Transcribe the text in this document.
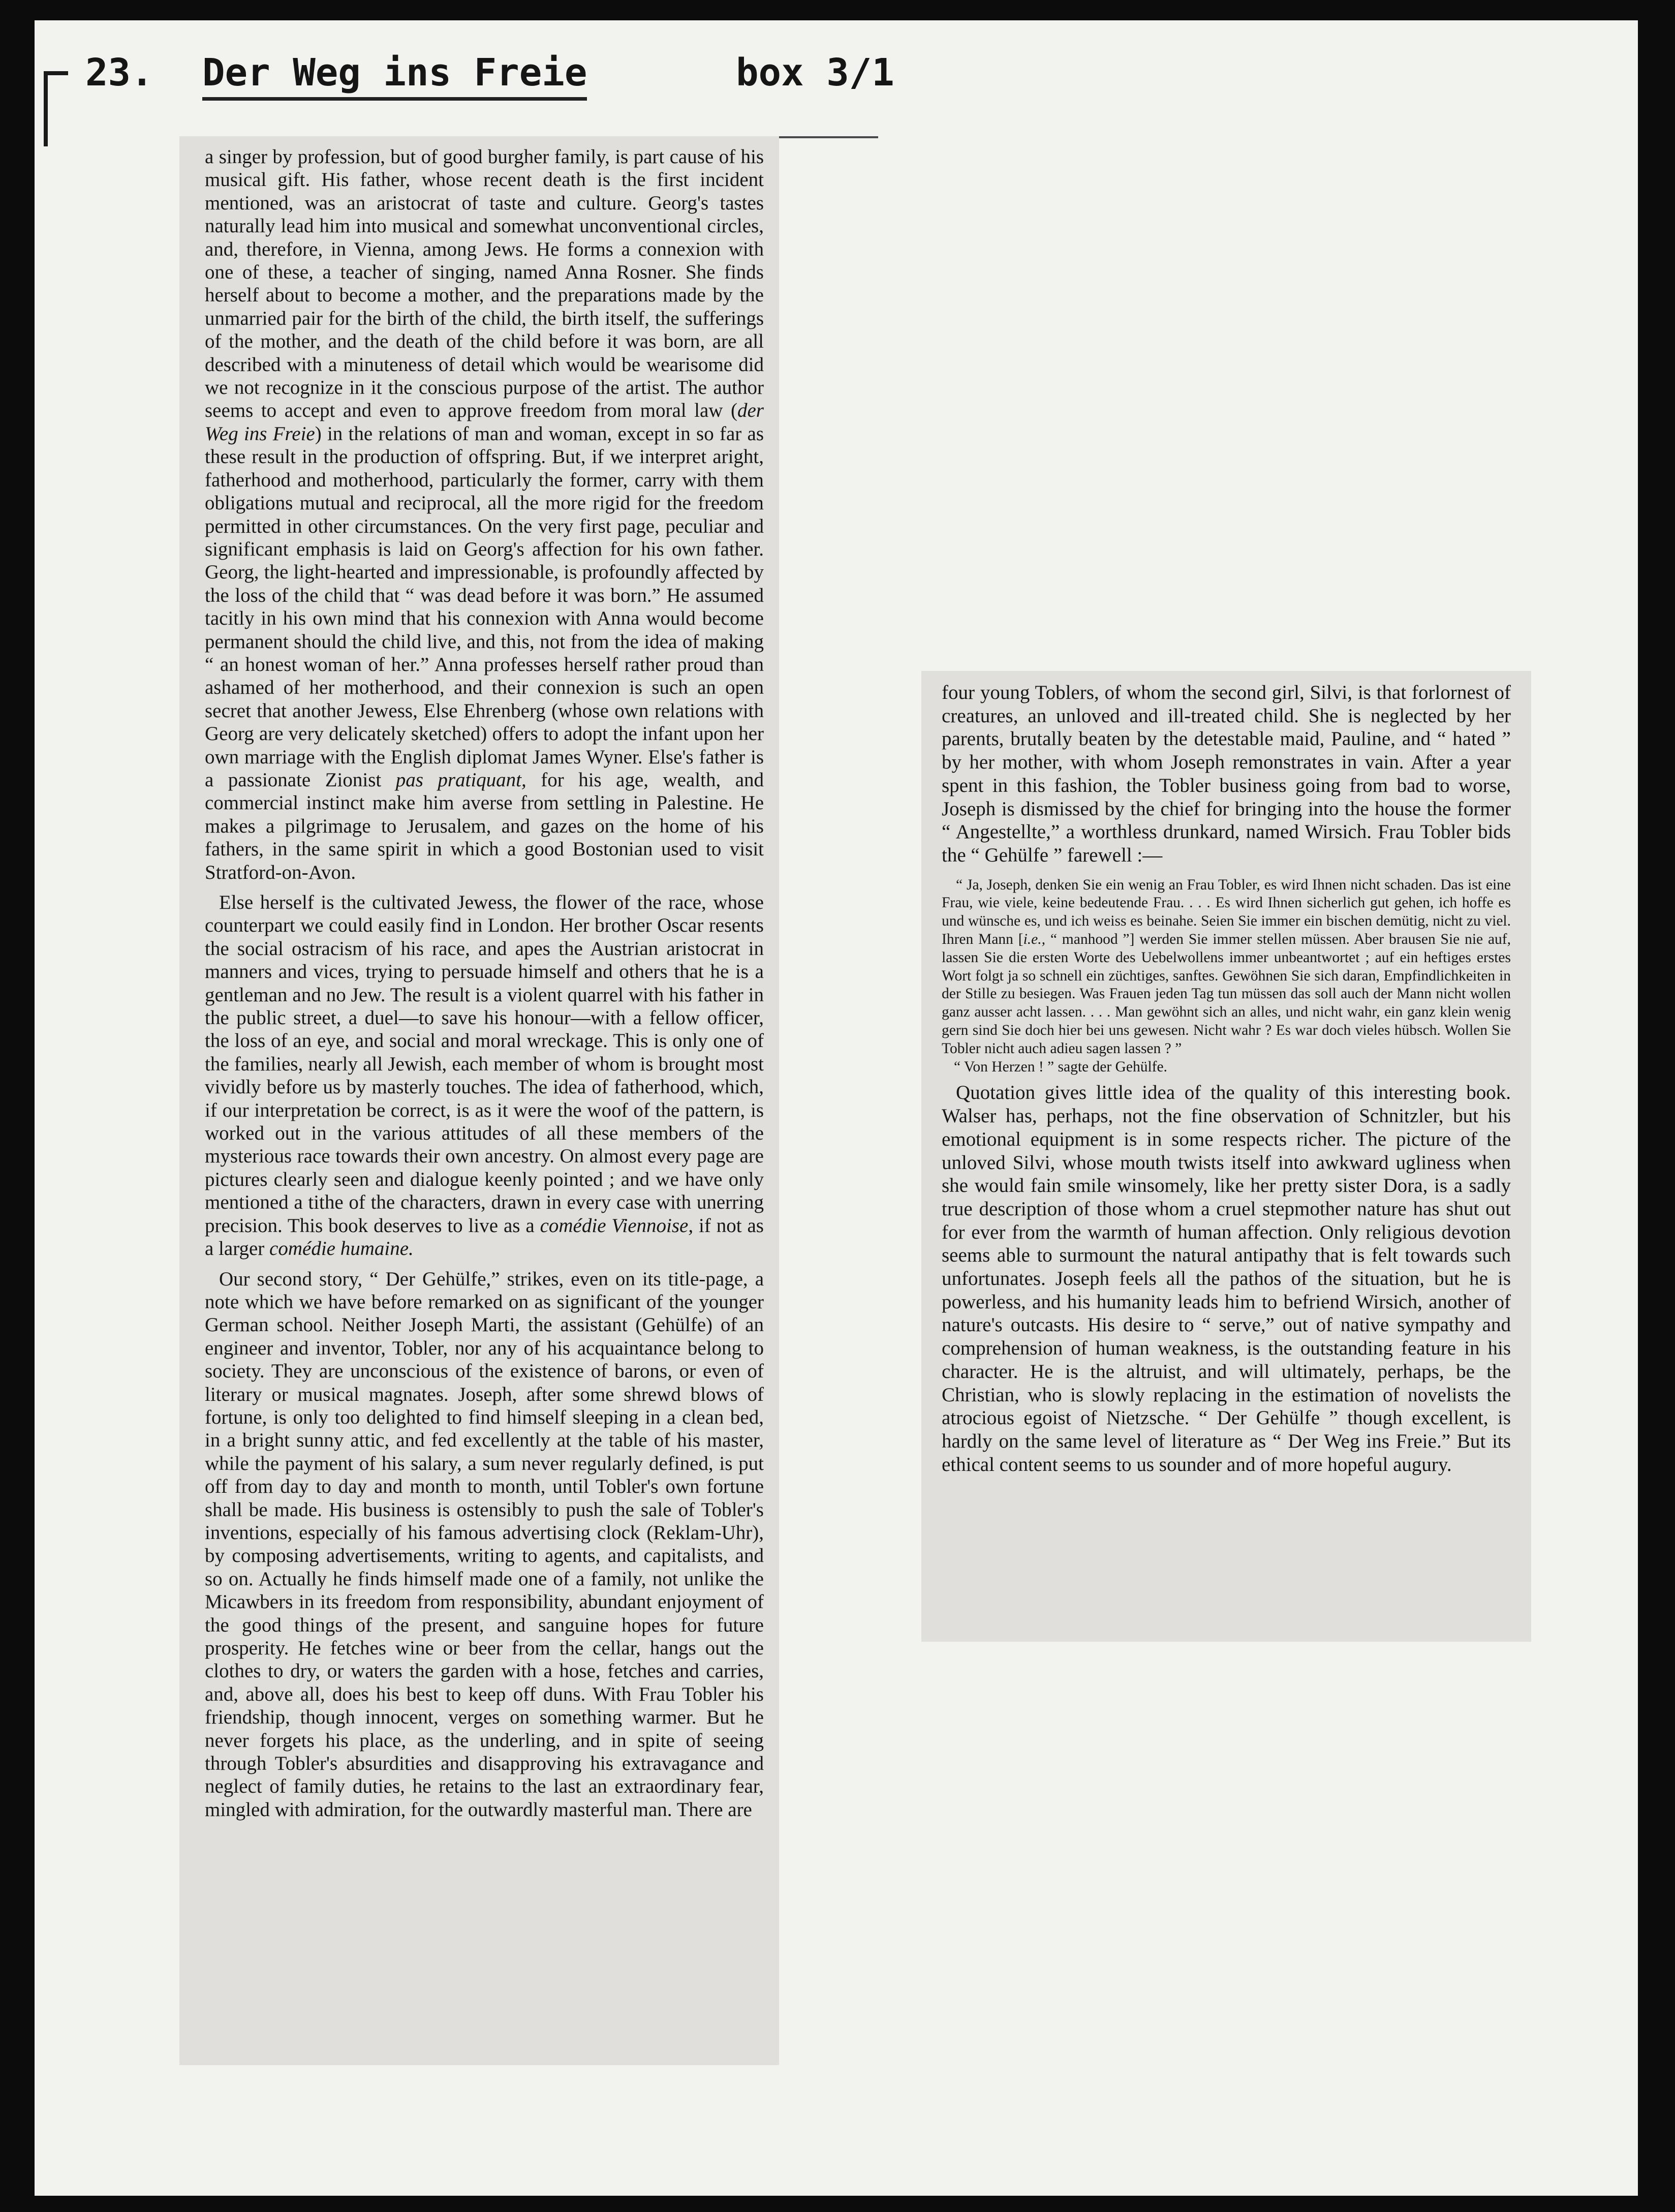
23. Der Weg ins Freie	box 3/1

a singer by profession, but of good burgher family, is part cause of his musical gift. His father, whose recent death is the first incident mentioned, was an aristocrat of taste and culture. Georg's tastes naturally lead him into musical and somewhat unconventional circles, and, therefore, in Vienna, among Jews. He forms a connexion with one of these, a teacher of singing, named Anna Rosner. She finds herself about to become a mother, and the preparations made by the unmarried pair for the birth of the child, the birth itself, the sufferings of the mother, and the death of the child before it was born, are all described with a minuteness of detail which would be wearisome did we not recognize in it the conscious purpose of the artist. The author seems to accept and even to approve freedom from moral law (der Weg ins Freie) in the relations of man and woman, except in so far as these result in the production of offspring. But, if we interpret aright, fatherhood and motherhood, particularly the former, carry with them obligations mutual and reciprocal, all the more rigid for the freedom permitted in other circumstances. On the very first page, peculiar and significant emphasis is laid on Georg's affection for his own father. Georg, the light-hearted and impressionable, is profoundly affected by the loss of the child that “ was dead before it was born.” He assumed tacitly in his own mind that his connexion with Anna would become permanent should the child live, and this, not from the idea of making “ an honest woman of her.” Anna professes herself rather proud than ashamed of her motherhood, and their connexion is such an open secret that another Jewess, Else Ehrenberg (whose own relations with Georg are very delicately sketched) offers to adopt the infant upon her own marriage with the English diplomat James Wyner. Else's father is a passionate Zionist pas pratiquant, for his age, wealth, and commercial instinct make him averse from settling in Palestine. He makes a pilgrimage to Jerusalem, and gazes on the home of his fathers, in the same spirit in which a good Bostonian used to visit Stratford-on-Avon.

Else herself is the cultivated Jewess, the flower of the race, whose counterpart we could easily find in London. Her brother Oscar resents the social ostracism of his race, and apes the Austrian aristocrat in manners and vices, trying to persuade himself and others that he is a gentleman and no Jew. The result is a violent quarrel with his father in the public street, a duel—to save his honour—with a fellow officer, the loss of an eye, and social and moral wreckage. This is only one of the families, nearly all Jewish, each member of whom is brought most vividly before us by masterly touches. The idea of fatherhood, which, if our interpretation be correct, is as it were the woof of the pattern, is worked out in the various attitudes of all these members of the mysterious race towards their own ancestry. On almost every page are pictures clearly seen and dialogue keenly pointed ; and we have only mentioned a tithe of the characters, drawn in every case with unerring precision. This book deserves to live as a comédie Viennoise, if not as a larger comédie humaine.

Our second story, “ Der Gehülfe,” strikes, even on its title-page, a note which we have before remarked on as significant of the younger German school. Neither Joseph Marti, the assistant (Gehülfe) of an engineer and inventor, Tobler, nor any of his acquaintance belong to society. They are unconscious of the existence of barons, or even of literary or musical magnates. Joseph, after some shrewd blows of fortune, is only too delighted to find himself sleeping in a clean bed, in a bright sunny attic, and fed excellently at the table of his master, while the payment of his salary, a sum never regularly defined, is put off from day to day and month to month, until Tobler's own fortune shall be made. His business is ostensibly to push the sale of Tobler's inventions, especially of his famous advertising clock (Reklam-Uhr), by composing advertisements, writing to agents, and capitalists, and so on. Actually he finds himself made one of a family, not unlike the Micawbers in its freedom from responsibility, abundant enjoyment of the good things of the present, and sanguine hopes for future prosperity. He fetches wine or beer from the cellar, hangs out the clothes to dry, or waters the garden with a hose, fetches and carries, and, above all, does his best to keep off duns. With Frau Tobler his friendship, though innocent, verges on something warmer. But he never forgets his place, as the underling, and in spite of seeing through Tobler's absurdities and disapproving his extravagance and neglect of family duties, he retains to the last an extraordinary fear, mingled with admiration, for the outwardly masterful man. There are

four young Toblers, of whom the second girl, Silvi, is that forlornest of creatures, an unloved and ill-treated child. She is neglected by her parents, brutally beaten by the detestable maid, Pauline, and “ hated ” by her mother, with whom Joseph remonstrates in vain. After a year spent in this fashion, the Tobler business going from bad to worse, Joseph is dismissed by the chief for bringing into the house the former “ Angestellte,” a worthless drunkard, named Wirsich. Frau Tobler bids the “ Gehülfe ” farewell :—

“ Ja, Joseph, denken Sie ein wenig an Frau Tobler, es wird Ihnen nicht schaden. Das ist eine Frau, wie viele, keine bedeutende Frau. . . . Es wird Ihnen sicherlich gut gehen, ich hoffe es und wünsche es, und ich weiss es beinahe. Seien Sie immer ein bischen demütig, nicht zu viel. Ihren Mann [i.e., “ manhood ”] werden Sie immer stellen müssen. Aber brausen Sie nie auf, lassen Sie die ersten Worte des Uebelwollens immer unbeantwortet ; auf ein heftiges erstes Wort folgt ja so schnell ein züchtiges, sanftes. Gewöhnen Sie sich daran, Empfindlichkeiten in der Stille zu besiegen. Was Frauen jeden Tag tun müssen das soll auch der Mann nicht wollen ganz ausser acht lassen. . . . Man gewöhnt sich an alles, und nicht wahr, ein ganz klein wenig gern sind Sie doch hier bei uns gewesen. Nicht wahr ? Es war doch vieles hübsch. Wollen Sie Tobler nicht auch adieu sagen lassen ? ”

“ Von Herzen ! ” sagte der Gehülfe.

Quotation gives little idea of the quality of this interesting book. Walser has, perhaps, not the fine observation of Schnitzler, but his emotional equipment is in some respects richer. The picture of the unloved Silvi, whose mouth twists itself into awkward ugliness when she would fain smile winsomely, like her pretty sister Dora, is a sadly true description of those whom a cruel stepmother nature has shut out for ever from the warmth of human affection. Only religious devotion seems able to surmount the natural antipathy that is felt towards such unfortunates. Joseph feels all the pathos of the situation, but he is powerless, and his humanity leads him to befriend Wirsich, another of nature's outcasts. His desire to “ serve,” out of native sympathy and comprehension of human weakness, is the outstanding feature in his character. He is the altruist, and will ultimately, perhaps, be the Christian, who is slowly replacing in the estimation of novelists the atrocious egoist of Nietzsche. “ Der Gehülfe ” though excellent, is hardly on the same level of literature as “ Der Weg ins Freie.” But its ethical content seems to us sounder and of more hopeful augury.
